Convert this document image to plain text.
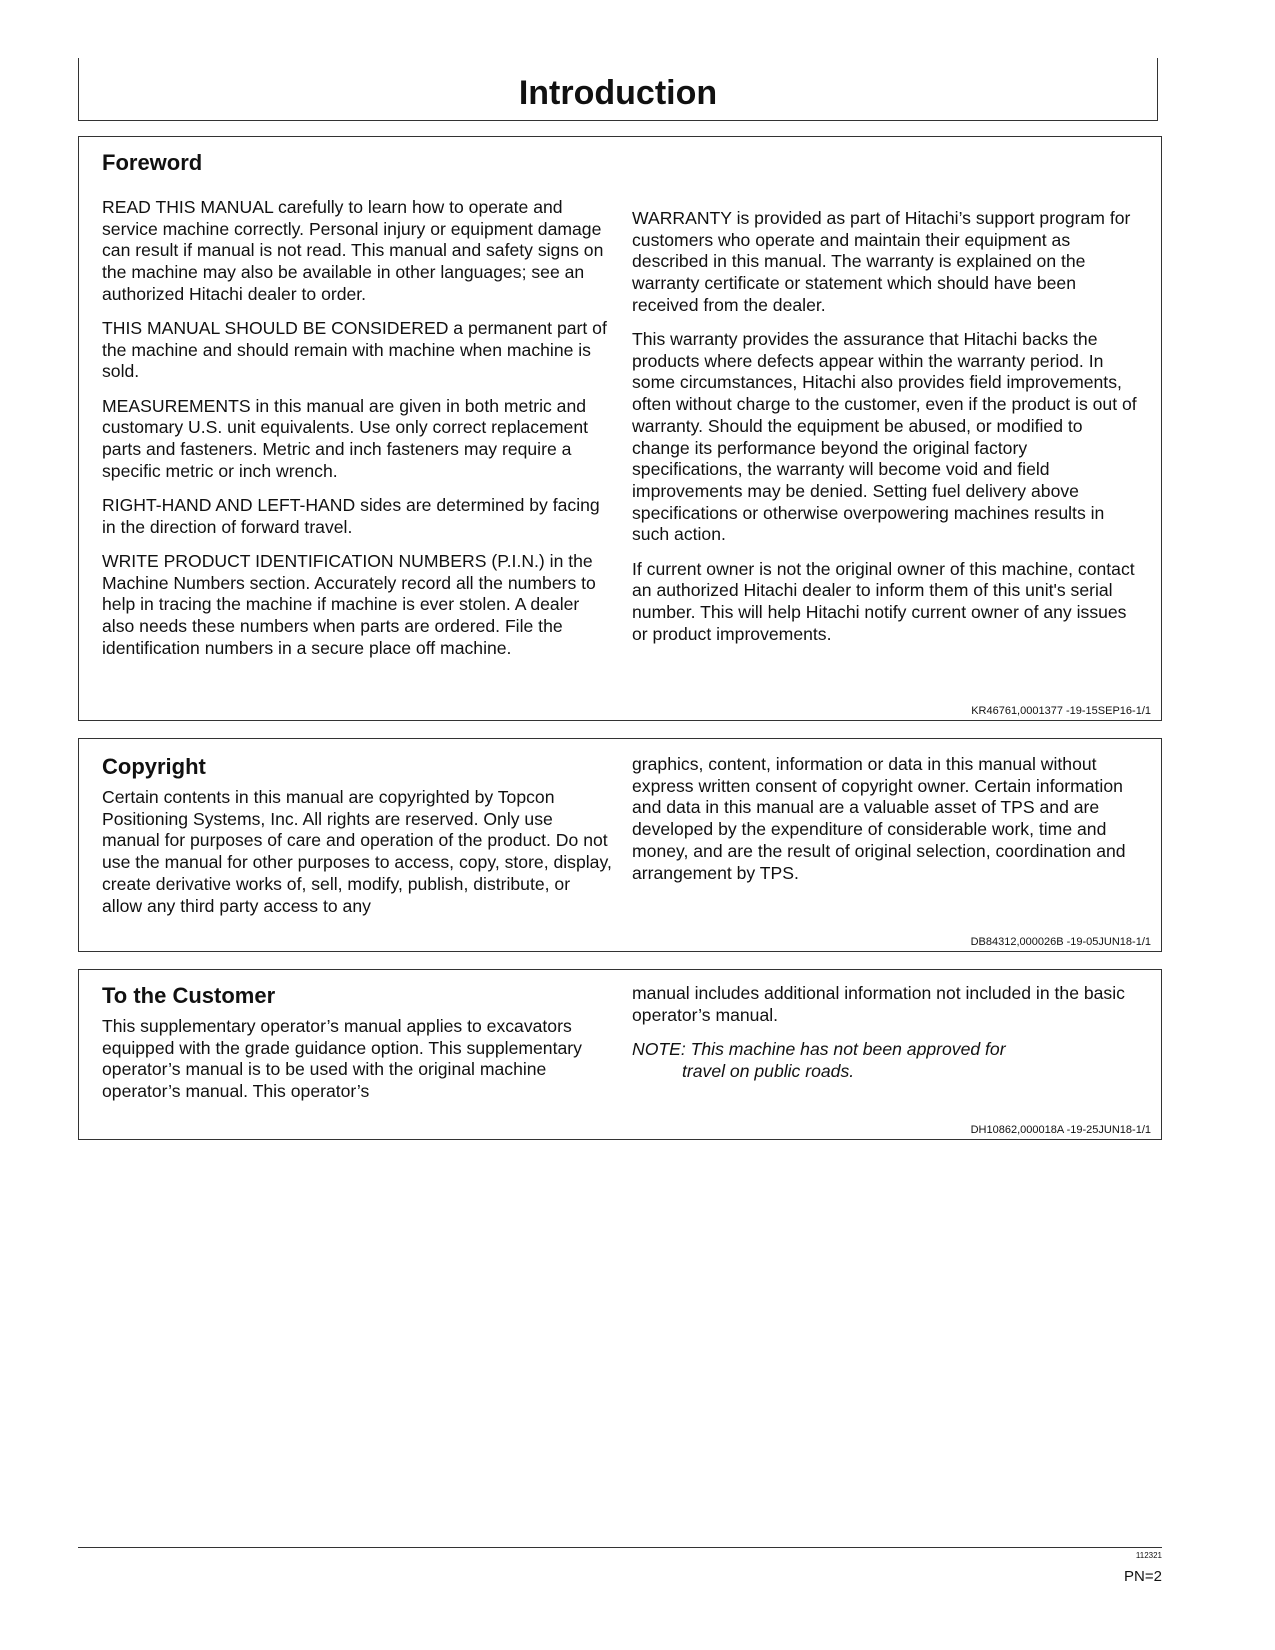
Introduction
Foreword

READ THIS MANUAL carefully to learn how to operate and service machine correctly. Personal injury or equipment damage can result if manual is not read. This manual and safety signs on the machine may also be available in other languages; see an authorized Hitachi dealer to order.

THIS MANUAL SHOULD BE CONSIDERED a permanent part of the machine and should remain with machine when machine is sold.

MEASUREMENTS in this manual are given in both metric and customary U.S. unit equivalents. Use only correct replacement parts and fasteners. Metric and inch fasteners may require a specific metric or inch wrench.

RIGHT-HAND AND LEFT-HAND sides are determined by facing in the direction of forward travel.

WRITE PRODUCT IDENTIFICATION NUMBERS (P.I.N.) in the Machine Numbers section. Accurately record all the numbers to help in tracing the machine if machine is ever stolen. A dealer also needs these numbers when parts are ordered. File the identification numbers in a secure place off machine.

WARRANTY is provided as part of Hitachi’s support program for customers who operate and maintain their equipment as described in this manual. The warranty is explained on the warranty certificate or statement which should have been received from the dealer.

This warranty provides the assurance that Hitachi backs the products where defects appear within the warranty period. In some circumstances, Hitachi also provides field improvements, often without charge to the customer, even if the product is out of warranty. Should the equipment be abused, or modified to change its performance beyond the original factory specifications, the warranty will become void and field improvements may be denied. Setting fuel delivery above specifications or otherwise overpowering machines results in such action.

If current owner is not the original owner of this machine, contact an authorized Hitachi dealer to inform them of this unit's serial number. This will help Hitachi notify current owner of any issues or product improvements.

KR46761,0001377 -19-15SEP16-1/1
Copyright

Certain contents in this manual are copyrighted by Topcon Positioning Systems, Inc. All rights are reserved. Only use manual for purposes of care and operation of the product. Do not use the manual for other purposes to access, copy, store, display, create derivative works of, sell, modify, publish, distribute, or allow any third party access to any

graphics, content, information or data in this manual without express written consent of copyright owner. Certain information and data in this manual are a valuable asset of TPS and are developed by the expenditure of considerable work, time and money, and are the result of original selection, coordination and arrangement by TPS.

DB84312,000026B -19-05JUN18-1/1
To the Customer

This supplementary operator’s manual applies to excavators equipped with the grade guidance option. This supplementary operator’s manual is to be used with the original machine operator’s manual. This operator’s

manual includes additional information not included in the basic operator’s manual.

NOTE: This machine has not been approved for
travel on public roads.

DH10862,000018A -19-25JUN18-1/1
112321
PN=2
